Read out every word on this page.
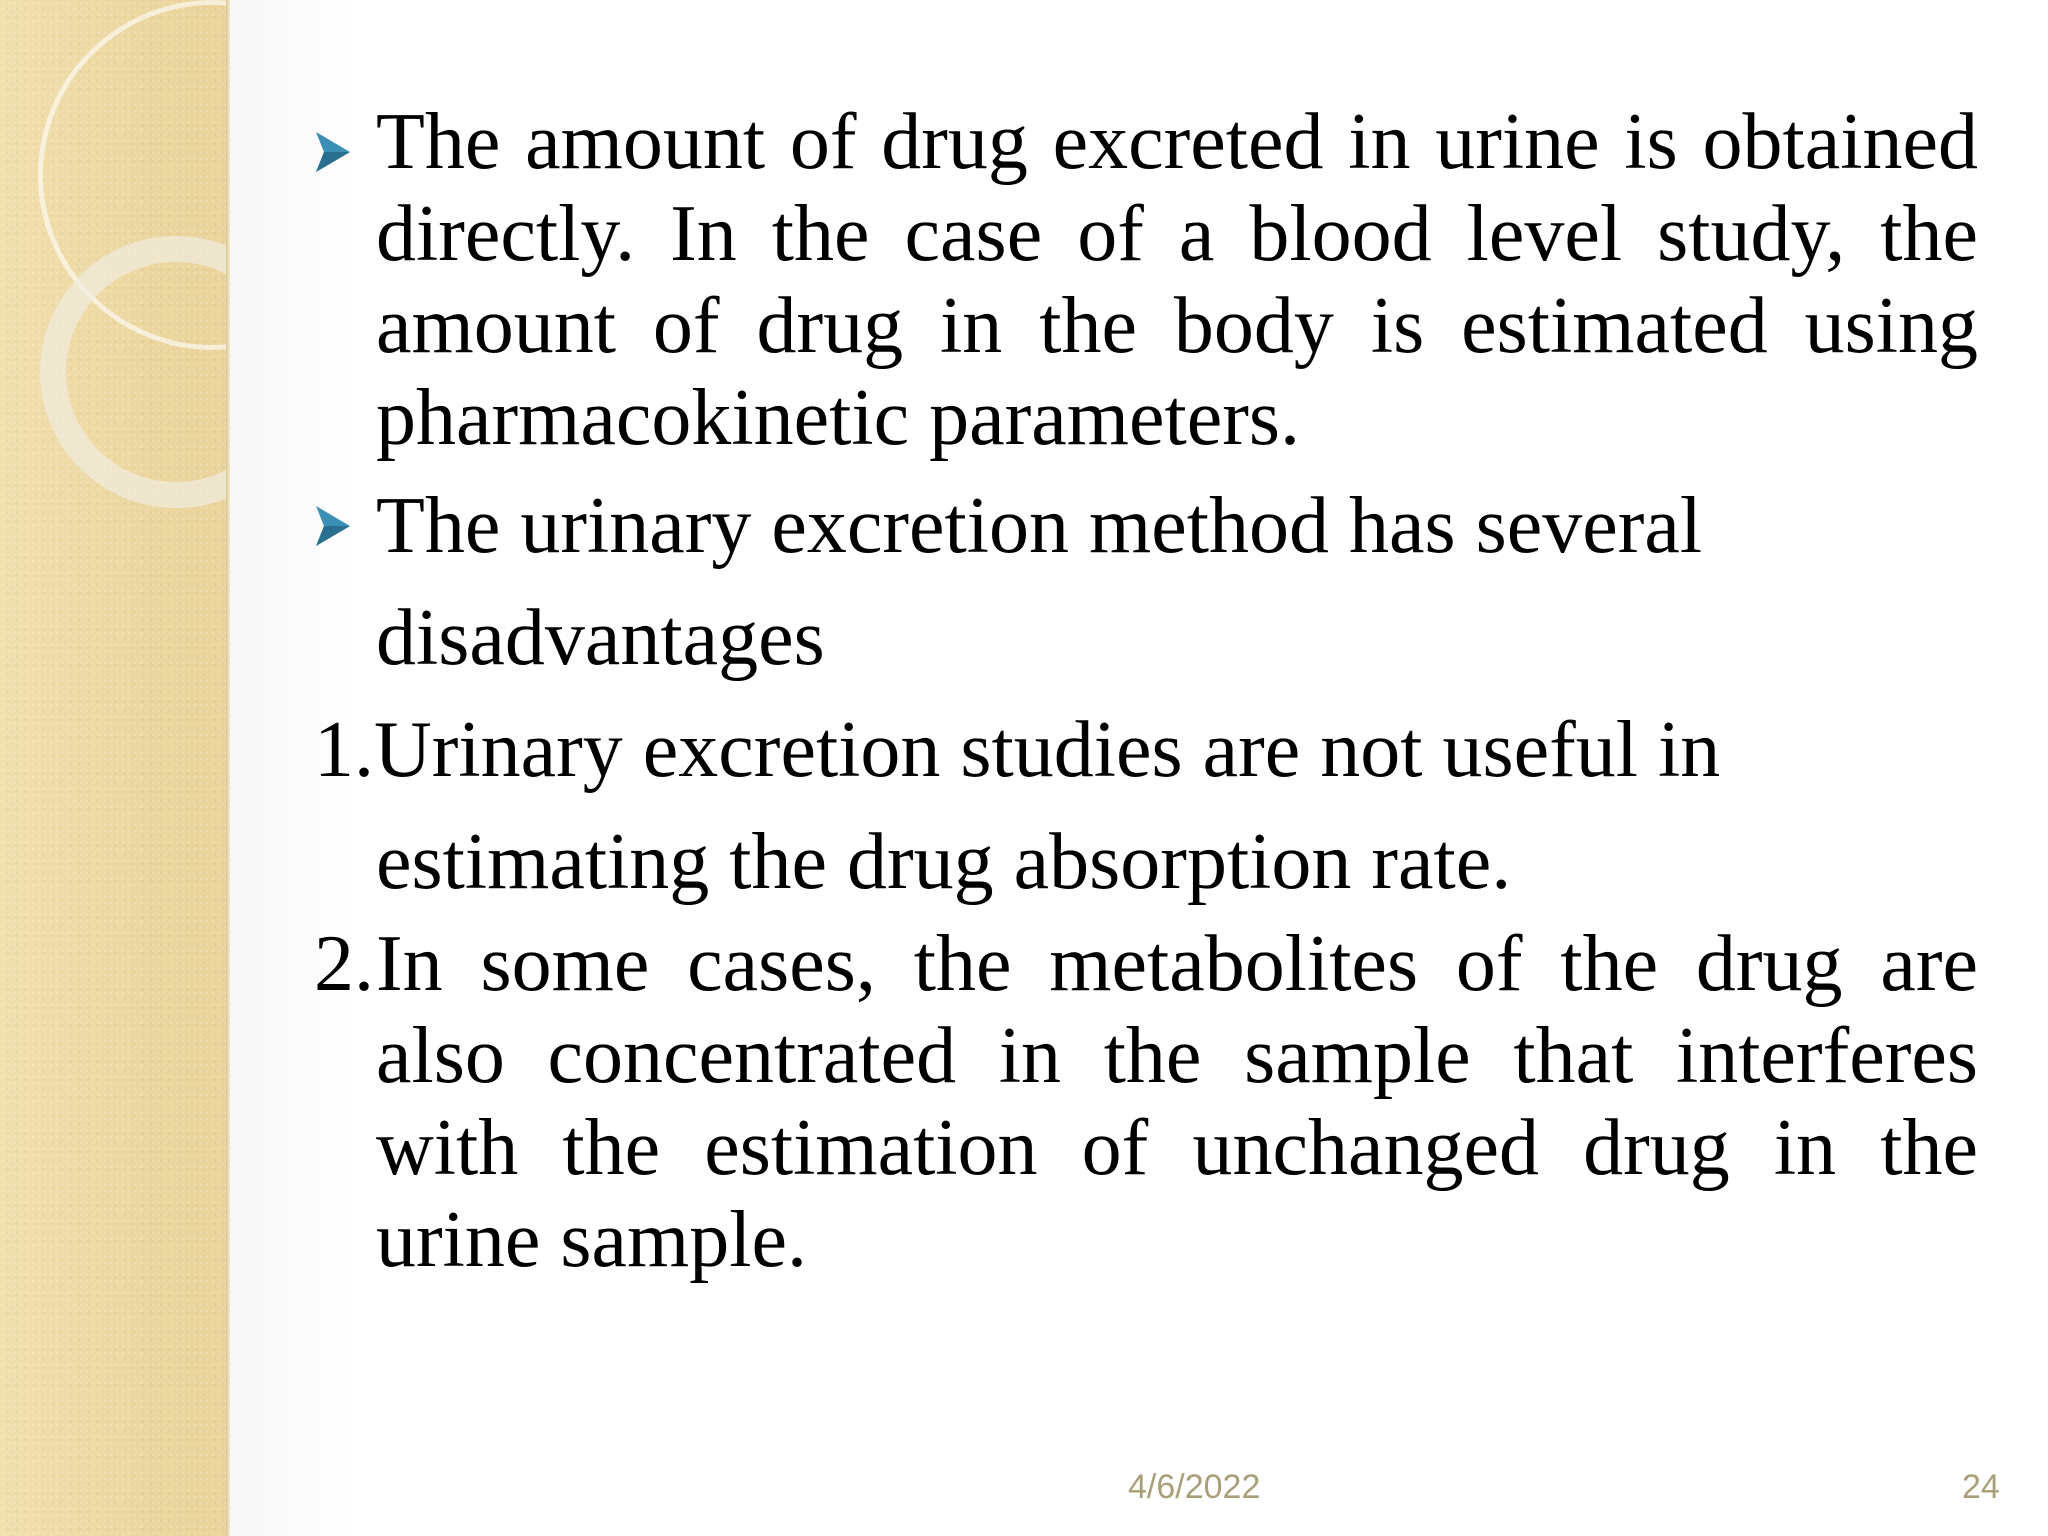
The amount of drug excreted in urine is obtained directly. In the case of a blood level study, the amount of drug in the body is estimated using pharmacokinetic parameters.
The urinary excretion method has several disadvantages
1. Urinary excretion studies are not useful in estimating the drug absorption rate.
2. In some cases, the metabolites of the drug are also concentrated in the sample that interferes with the estimation of unchanged drug in the urine sample.
4/6/2022	24
